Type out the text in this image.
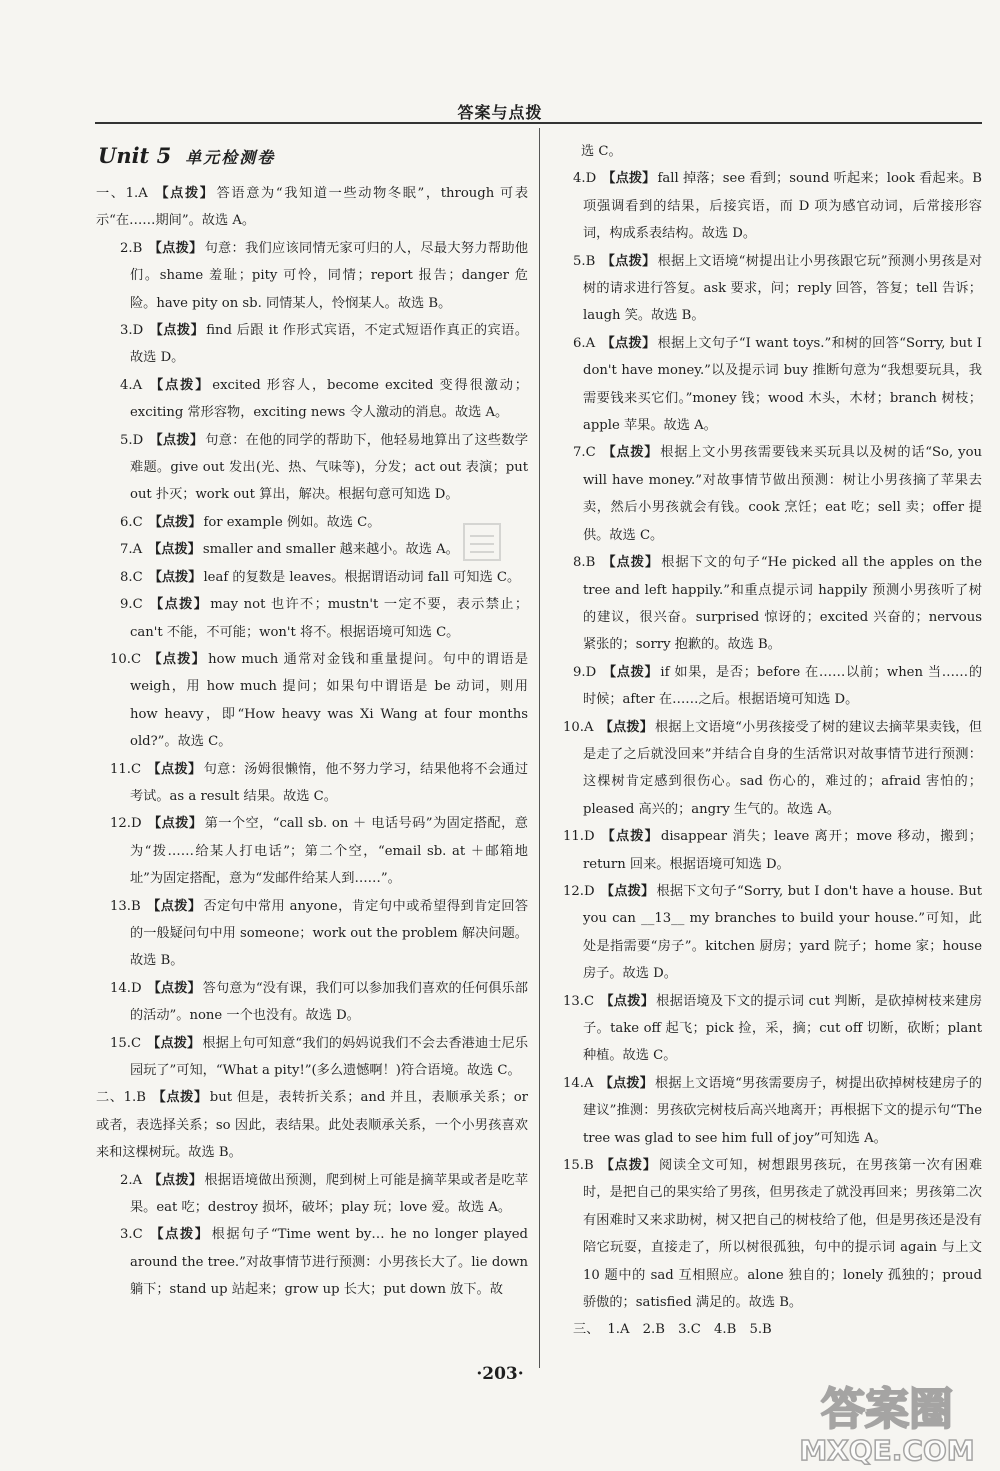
答案与点拨
Unit 5 单元检测卷
一、1.A 【点拨】 答语意为“我知道一些动物冬眠”，through 可表示“在……期间”。故选 A。
2.B 【点拨】 句意：我们应该同情无家可归的人，尽最大努力帮助他们。shame 羞耻；pity 可怜，同情；report 报告；danger 危险。have pity on sb. 同情某人，怜悯某人。故选 B。
3.D 【点拨】 find 后跟 it 作形式宾语，不定式短语作真正的宾语。故选 D。
4.A 【点拨】 excited 形容人，become excited 变得很激动；exciting 常形容物，exciting news 令人激动的消息。故选 A。
5.D 【点拨】 句意：在他的同学的帮助下，他轻易地算出了这些数学难题。give out 发出(光、热、气味等)，分发；act out 表演；put out 扑灭；work out 算出，解决。根据句意可知选 D。
6.C 【点拨】 for example 例如。故选 C。
7.A 【点拨】 smaller and smaller 越来越小。故选 A。
8.C 【点拨】 leaf 的复数是 leaves。根据谓语动词 fall 可知选 C。
9.C 【点拨】 may not 也许不；mustn't 一定不要，表示禁止；can't 不能，不可能；won't 将不。根据语境可知选 C。
10.C 【点拨】 how much 通常对金钱和重量提问。句中的谓语是 weigh，用 how much 提问；如果句中谓语是 be 动词，则用 how heavy，即“How heavy was Xi Wang at four months old?”。故选 C。
11.C 【点拨】 句意：汤姆很懒惰，他不努力学习，结果他将不会通过考试。as a result 结果。故选 C。
12.D 【点拨】 第一个空，“call sb. on ＋ 电话号码”为固定搭配，意为“拨……给某人打电话”；第二个空，“email sb. at ＋邮箱地址”为固定搭配，意为“发邮件给某人到……”。
13.B 【点拨】 否定句中常用 anyone，肯定句中或希望得到肯定回答的一般疑问句中用 someone；work out the problem 解决问题。故选 B。
14.D 【点拨】 答句意为“没有课，我们可以参加我们喜欢的任何俱乐部的活动”。none 一个也没有。故选 D。
15.C 【点拨】 根据上句可知意“我们的妈妈说我们不会去香港迪士尼乐园玩了”可知，“What a pity!”(多么遗憾啊！)符合语境。故选 C。
二、1.B 【点拨】 but 但是，表转折关系；and 并且，表顺承关系；or 或者，表选择关系；so 因此，表结果。此处表顺承关系，一个小男孩喜欢来和这棵树玩。故选 B。
2.A 【点拨】 根据语境做出预测，爬到树上可能是摘苹果或者是吃苹果。eat 吃；destroy 损坏，破坏；play 玩；love 爱。故选 A。
3.C 【点拨】 根据句子“Time went by… he no longer played around the tree.”对故事情节进行预测：小男孩长大了。lie down 躺下；stand up 站起来；grow up 长大；put down 放下。故
选 C。
4.D 【点拨】 fall 掉落；see 看到；sound 听起来；look 看起来。B 项强调看到的结果，后接宾语，而 D 项为感官动词，后常接形容词，构成系表结构。故选 D。
5.B 【点拨】 根据上文语境“树提出让小男孩跟它玩”预测小男孩是对树的请求进行答复。ask 要求，问；reply 回答，答复；tell 告诉；laugh 笑。故选 B。
6.A 【点拨】 根据上文句子“I want toys.”和树的回答“Sorry, but I don't have money.”以及提示词 buy 推断句意为“我想要玩具，我需要钱来买它们。”money 钱；wood 木头，木材；branch 树枝；apple 苹果。故选 A。
7.C 【点拨】 根据上文小男孩需要钱来买玩具以及树的话“So, you will have money.”对故事情节做出预测：树让小男孩摘了苹果去卖，然后小男孩就会有钱。cook 烹饪；eat 吃；sell 卖；offer 提供。故选 C。
8.B 【点拨】 根据下文的句子“He picked all the apples on the tree and left happily.”和重点提示词 happily 预测小男孩听了树的建议，很兴奋。surprised 惊讶的；excited 兴奋的；nervous 紧张的；sorry 抱歉的。故选 B。
9.D 【点拨】 if 如果，是否；before 在……以前；when 当……的时候；after 在……之后。根据语境可知选 D。
10.A 【点拨】 根据上文语境“小男孩接受了树的建议去摘苹果卖钱，但是走了之后就没回来”并结合自身的生活常识对故事情节进行预测：这棵树肯定感到很伤心。sad 伤心的，难过的；afraid 害怕的；pleased 高兴的；angry 生气的。故选 A。
11.D 【点拨】 disappear 消失；leave 离开；move 移动，搬到；return 回来。根据语境可知选 D。
12.D 【点拨】 根据下文句子“Sorry, but I don't have a house. But you can __13__ my branches to build your house.”可知，此处是指需要“房子”。kitchen 厨房；yard 院子；home 家；house 房子。故选 D。
13.C 【点拨】 根据语境及下文的提示词 cut 判断，是砍掉树枝来建房子。take off 起飞；pick 捡，采，摘；cut off 切断，砍断；plant 种植。故选 C。
14.A 【点拨】 根据上文语境“男孩需要房子，树提出砍掉树枝建房子的建议”推测：男孩砍完树枝后高兴地离开；再根据下文的提示句“The tree was glad to see him full of joy”可知选 A。
15.B 【点拨】 阅读全文可知，树想跟男孩玩，在男孩第一次有困难时，是把自己的果实给了男孩，但男孩走了就没再回来；男孩第二次有困难时又来求助树，树又把自己的树枝给了他，但是男孩还是没有陪它玩耍，直接走了，所以树很孤独，句中的提示词 again 与上文 10 题中的 sad 互相照应。alone 独自的；lonely 孤独的；proud 骄傲的；satisfied 满足的。故选 B。
三、 1.A　2.B　3.C　4.B　5.B
·203·
答案圈
MXQE.COM
